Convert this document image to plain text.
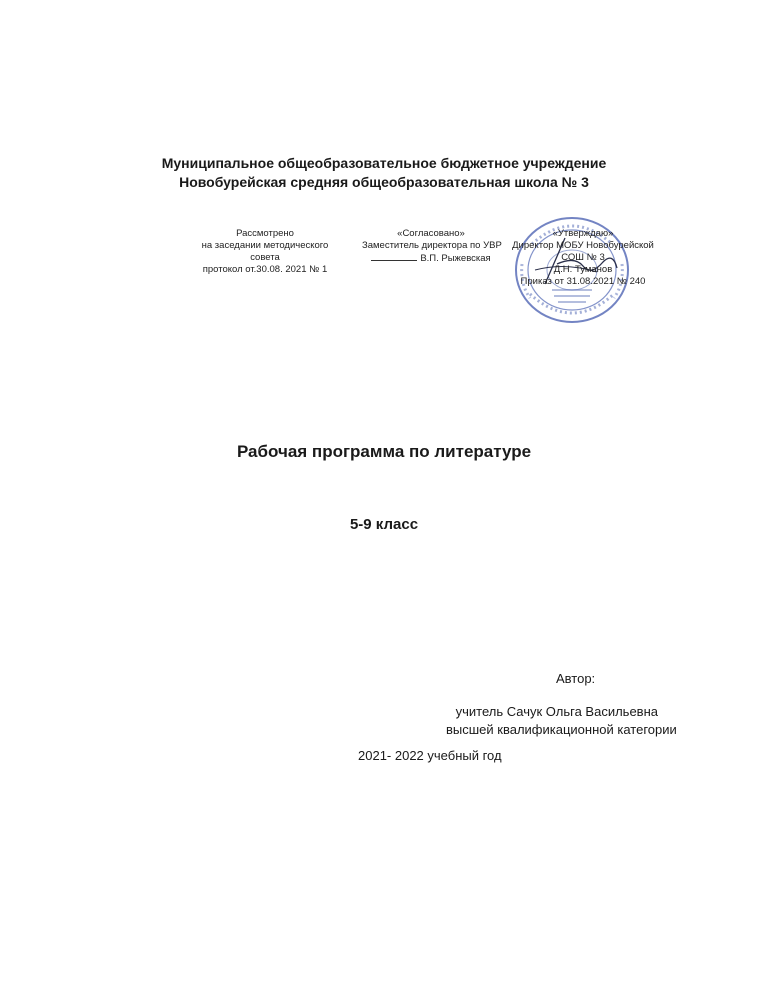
Муниципальное общеобразовательное бюджетное учреждение
Новобурейская средняя общеобразовательная школа № 3
Рассмотрено
на заседании методического
совета
протокол от.30.08. 2021 № 1
«Согласовано»
Заместитель директора по УВР
В.П. Рыжевская
«Утверждаю»
Директор МОБУ Новобурейской
СОШ № 3
Д.Н. Туманов
Приказ от 31.08.2021 № 240
Рабочая программа по литературе
5-9 класс
Автор:
учитель Сачук Ольга Васильевна
высшей квалификационной категории
2021- 2022 учебный год
